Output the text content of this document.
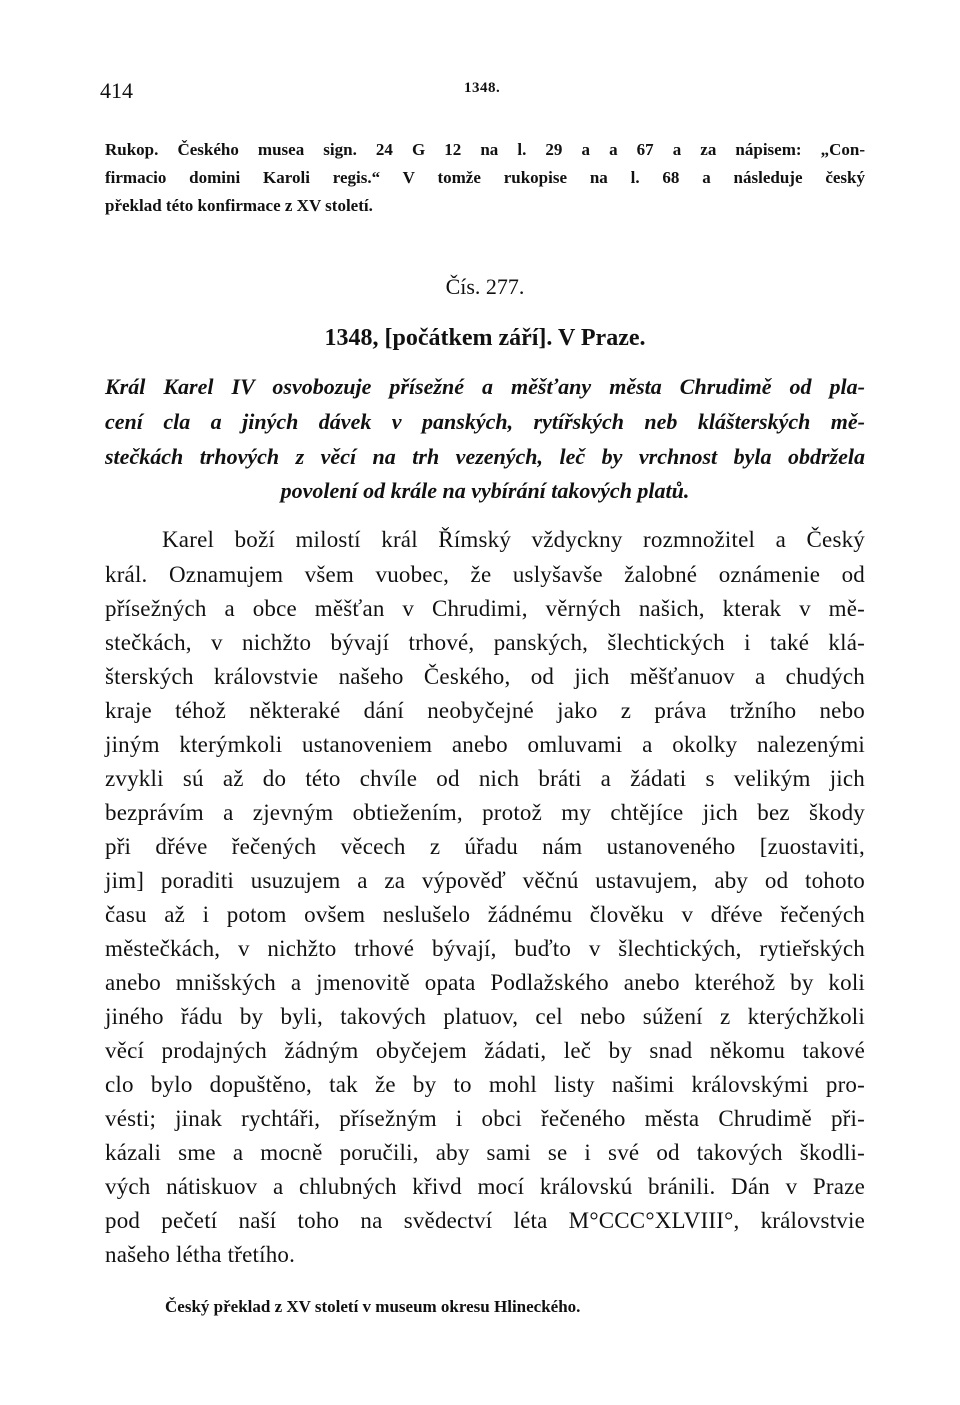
414	1348.
Rukop. Českého musea sign. 24 G 12 na l. 29 a a 67 a za nápisem: „Con-
firmacio domini Karoli regis.“ V tomže rukopise na l. 68 a následuje český
překlad této konfirmace z XV století.
Čís. 277.
1348, [počátkem září]. V Praze.
Král Karel IV osvobozuje přísežné a měšťany města Chrudimě od pla-
cení cla a jiných dávek v panských, rytířských neb klášterských mě-
stečkách trhových z věcí na trh vezených, leč by vrchnost byla obdržela
povolení od krále na vybírání takových platů.
Karel boží milostí král Římský vždyckny rozmnožitel a Český
král. Oznamujem všem vuobec, že uslyšavše žalobné oznámenie od
přísežných a obce měšťan v Chrudimi, věrných našich, kterak v mě-
stečkách, v nichžto bývají trhové, panských, šlechtických i také klá-
šterských královstvie našeho Českého, od jich měšťanuov a chudých
kraje téhož některaké dání neobyčejné jako z práva tržního nebo
jiným kterýmkoli ustanoveniem anebo omluvami a okolky nalezenými
zvykli sú až do této chvíle od nich bráti a žádati s velikým jich
bezprávím a zjevným obtiežením, protož my chtějíce jich bez škody
při dřéve řečených věcech z úřadu nám ustanoveného [zuostaviti,
jim] poraditi usuzujem a za výpověď věčnú ustavujem, aby od tohoto
času až i potom ovšem neslušelo žádnému člověku v dřéve řečených
městečkách, v nichžto trhové bývají, buďto v šlechtických, rytieřských
anebo mnišských a jmenovitě opata Podlažského anebo kteréhož by koli
jiného řádu by byli, takových platuov, cel nebo súžení z kterýchžkoli
věcí prodajných žádným obyčejem žádati, leč by snad někomu takové
clo bylo dopuštěno, tak že by to mohl listy našimi královskými pro-
vésti; jinak rychtáři, přísežným i obci řečeného města Chrudimě při-
kázali sme a mocně poručili, aby sami se i své od takových škodli-
vých nátiskuov a chlubných křivd mocí královskú bránili. Dán v Praze
pod pečetí naší toho na svědectví léta M°CCC°XLVIII°, královstvie
našeho létha třetího.
Český překlad z XV století v museum okresu Hlineckého.
